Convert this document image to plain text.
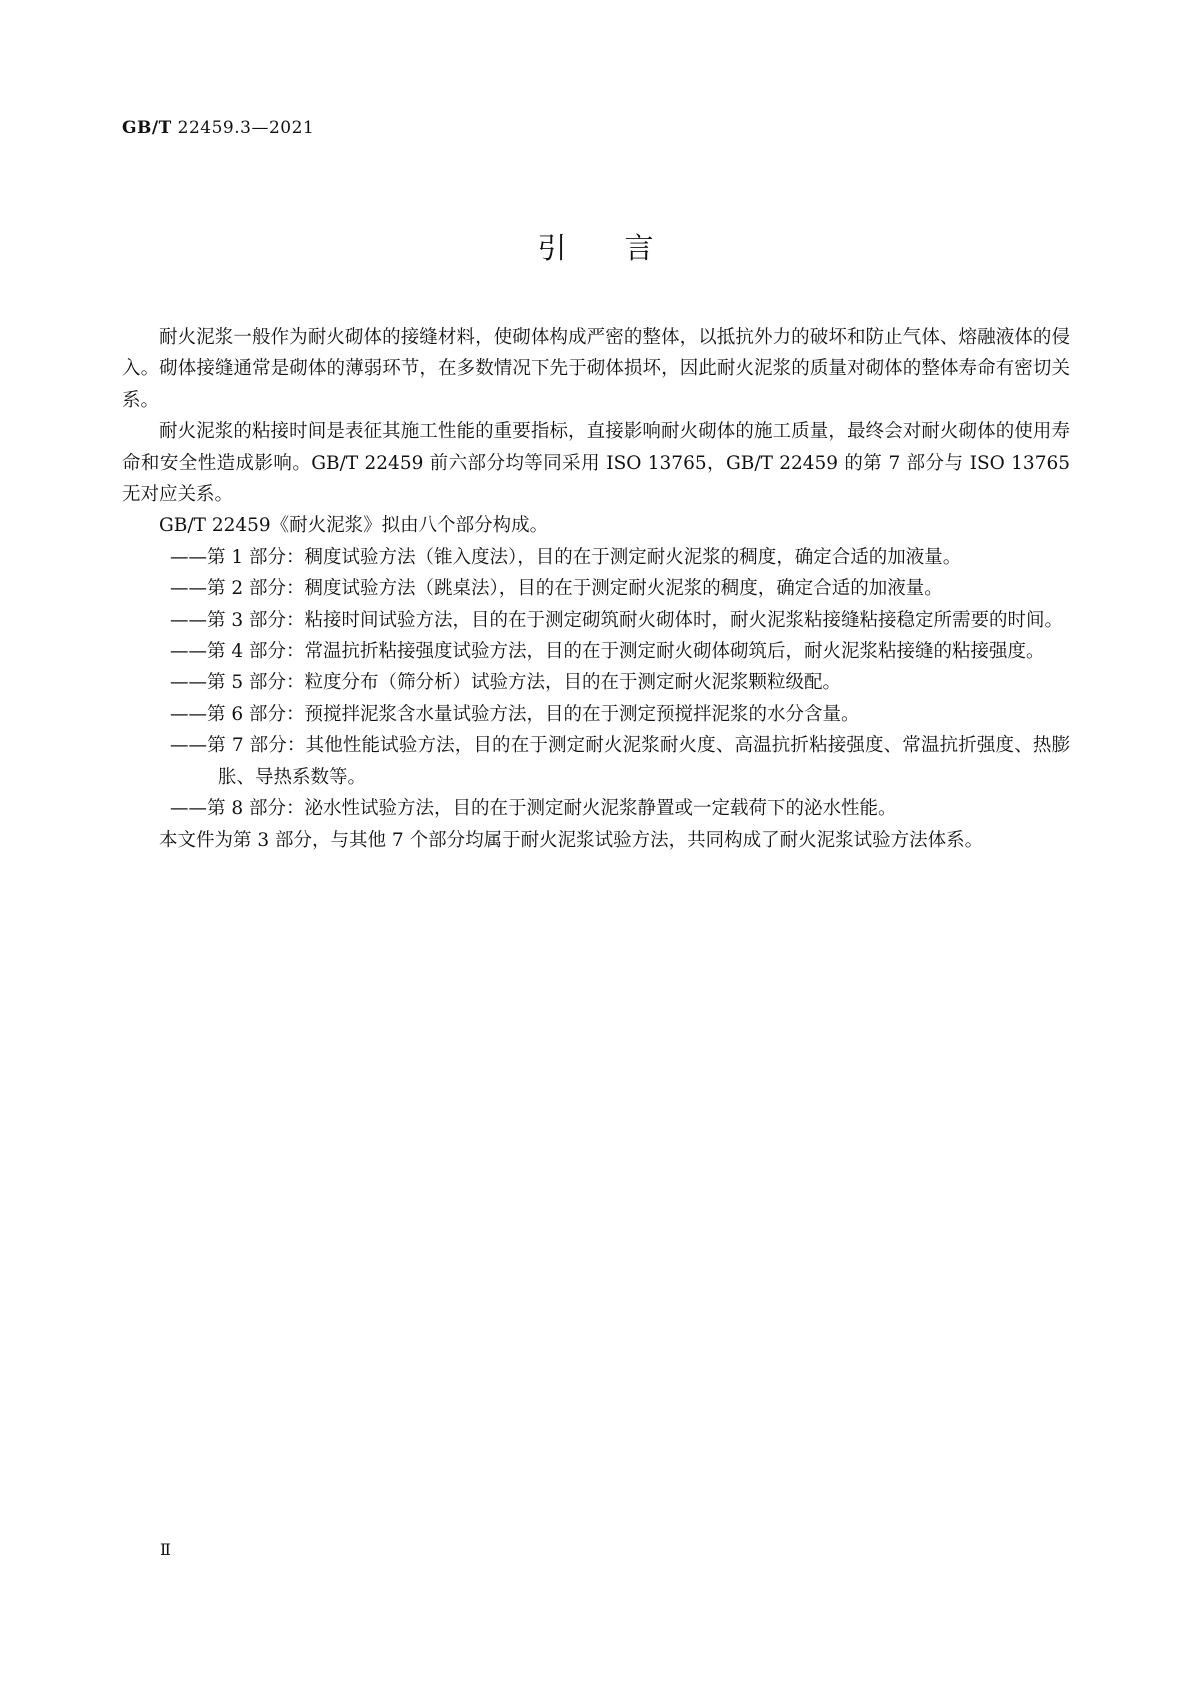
GB/T 22459.3—2021
引言

耐火泥浆一般作为耐火砌体的接缝材料，使砌体构成严密的整体，以抵抗外力的破坏和防止气体、熔融液体的侵入。砌体接缝通常是砌体的薄弱环节，在多数情况下先于砌体损坏，因此耐火泥浆的质量对砌体的整体寿命有密切关系。

耐火泥浆的粘接时间是表征其施工性能的重要指标，直接影响耐火砌体的施工质量，最终会对耐火砌体的使用寿命和安全性造成影响。GB/T 22459 前六部分均等同采用 ISO 13765，GB/T 22459 的第 7 部分与 ISO 13765 无对应关系。

GB/T 22459《耐火泥浆》拟由八个部分构成。

——第 1 部分：稠度试验方法（锥入度法），目的在于测定耐火泥浆的稠度，确定合适的加液量。

——第 2 部分：稠度试验方法（跳桌法），目的在于测定耐火泥浆的稠度，确定合适的加液量。

——第 3 部分：粘接时间试验方法，目的在于测定砌筑耐火砌体时，耐火泥浆粘接缝粘接稳定所需要的时间。

——第 4 部分：常温抗折粘接强度试验方法，目的在于测定耐火砌体砌筑后，耐火泥浆粘接缝的粘接强度。

——第 5 部分：粒度分布（筛分析）试验方法，目的在于测定耐火泥浆颗粒级配。

——第 6 部分：预搅拌泥浆含水量试验方法，目的在于测定预搅拌泥浆的水分含量。

——第 7 部分：其他性能试验方法，目的在于测定耐火泥浆耐火度、高温抗折粘接强度、常温抗折强度、热膨胀、导热系数等。

——第 8 部分：泌水性试验方法，目的在于测定耐火泥浆静置或一定载荷下的泌水性能。

本文件为第 3 部分，与其他 7 个部分均属于耐火泥浆试验方法，共同构成了耐火泥浆试验方法体系。

Ⅱ
